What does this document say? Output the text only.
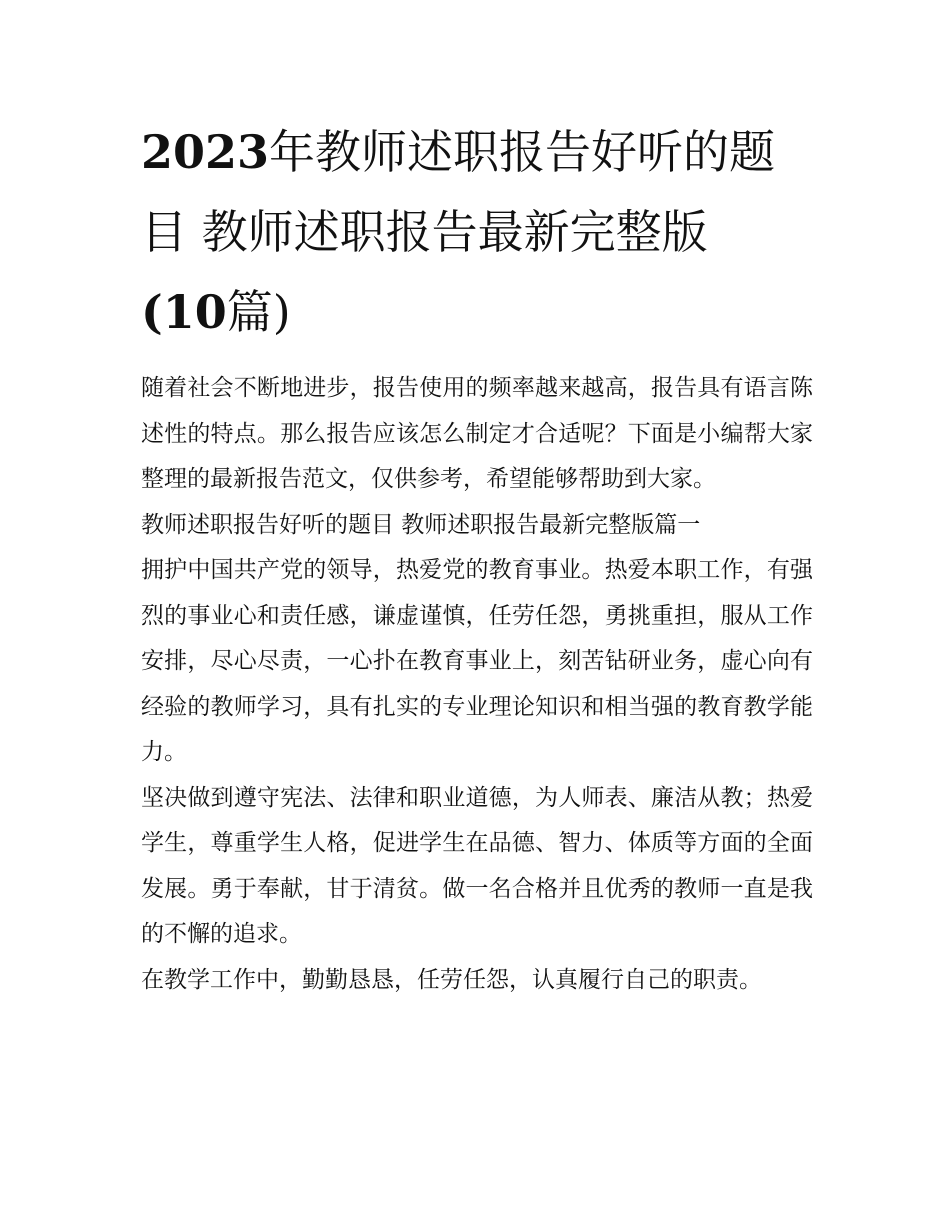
2023年教师述职报告好听的题目 教师述职报告最新完整版
(10篇)

随着社会不断地进步，报告使用的频率越来越高，报告具有语言陈述性的特点。那么报告应该怎么制定才合适呢？下面是小编帮大家整理的最新报告范文，仅供参考，希望能够帮助到大家。

教师述职报告好听的题目 教师述职报告最新完整版篇一

拥护中国共产党的领导，热爱党的教育事业。热爱本职工作，有强烈的事业心和责任感，谦虚谨慎，任劳任怨，勇挑重担，服从工作安排，尽心尽责，一心扑在教育事业上，刻苦钻研业务，虚心向有经验的教师学习，具有扎实的专业理论知识和相当强的教育教学能力。

坚决做到遵守宪法、法律和职业道德，为人师表、廉洁从教；热爱学生，尊重学生人格，促进学生在品德、智力、体质等方面的全面发展。勇于奉献，甘于清贫。做一名合格并且优秀的教师一直是我的不懈的追求。

在教学工作中，勤勤恳恳，任劳任怨，认真履行自己的职责。
